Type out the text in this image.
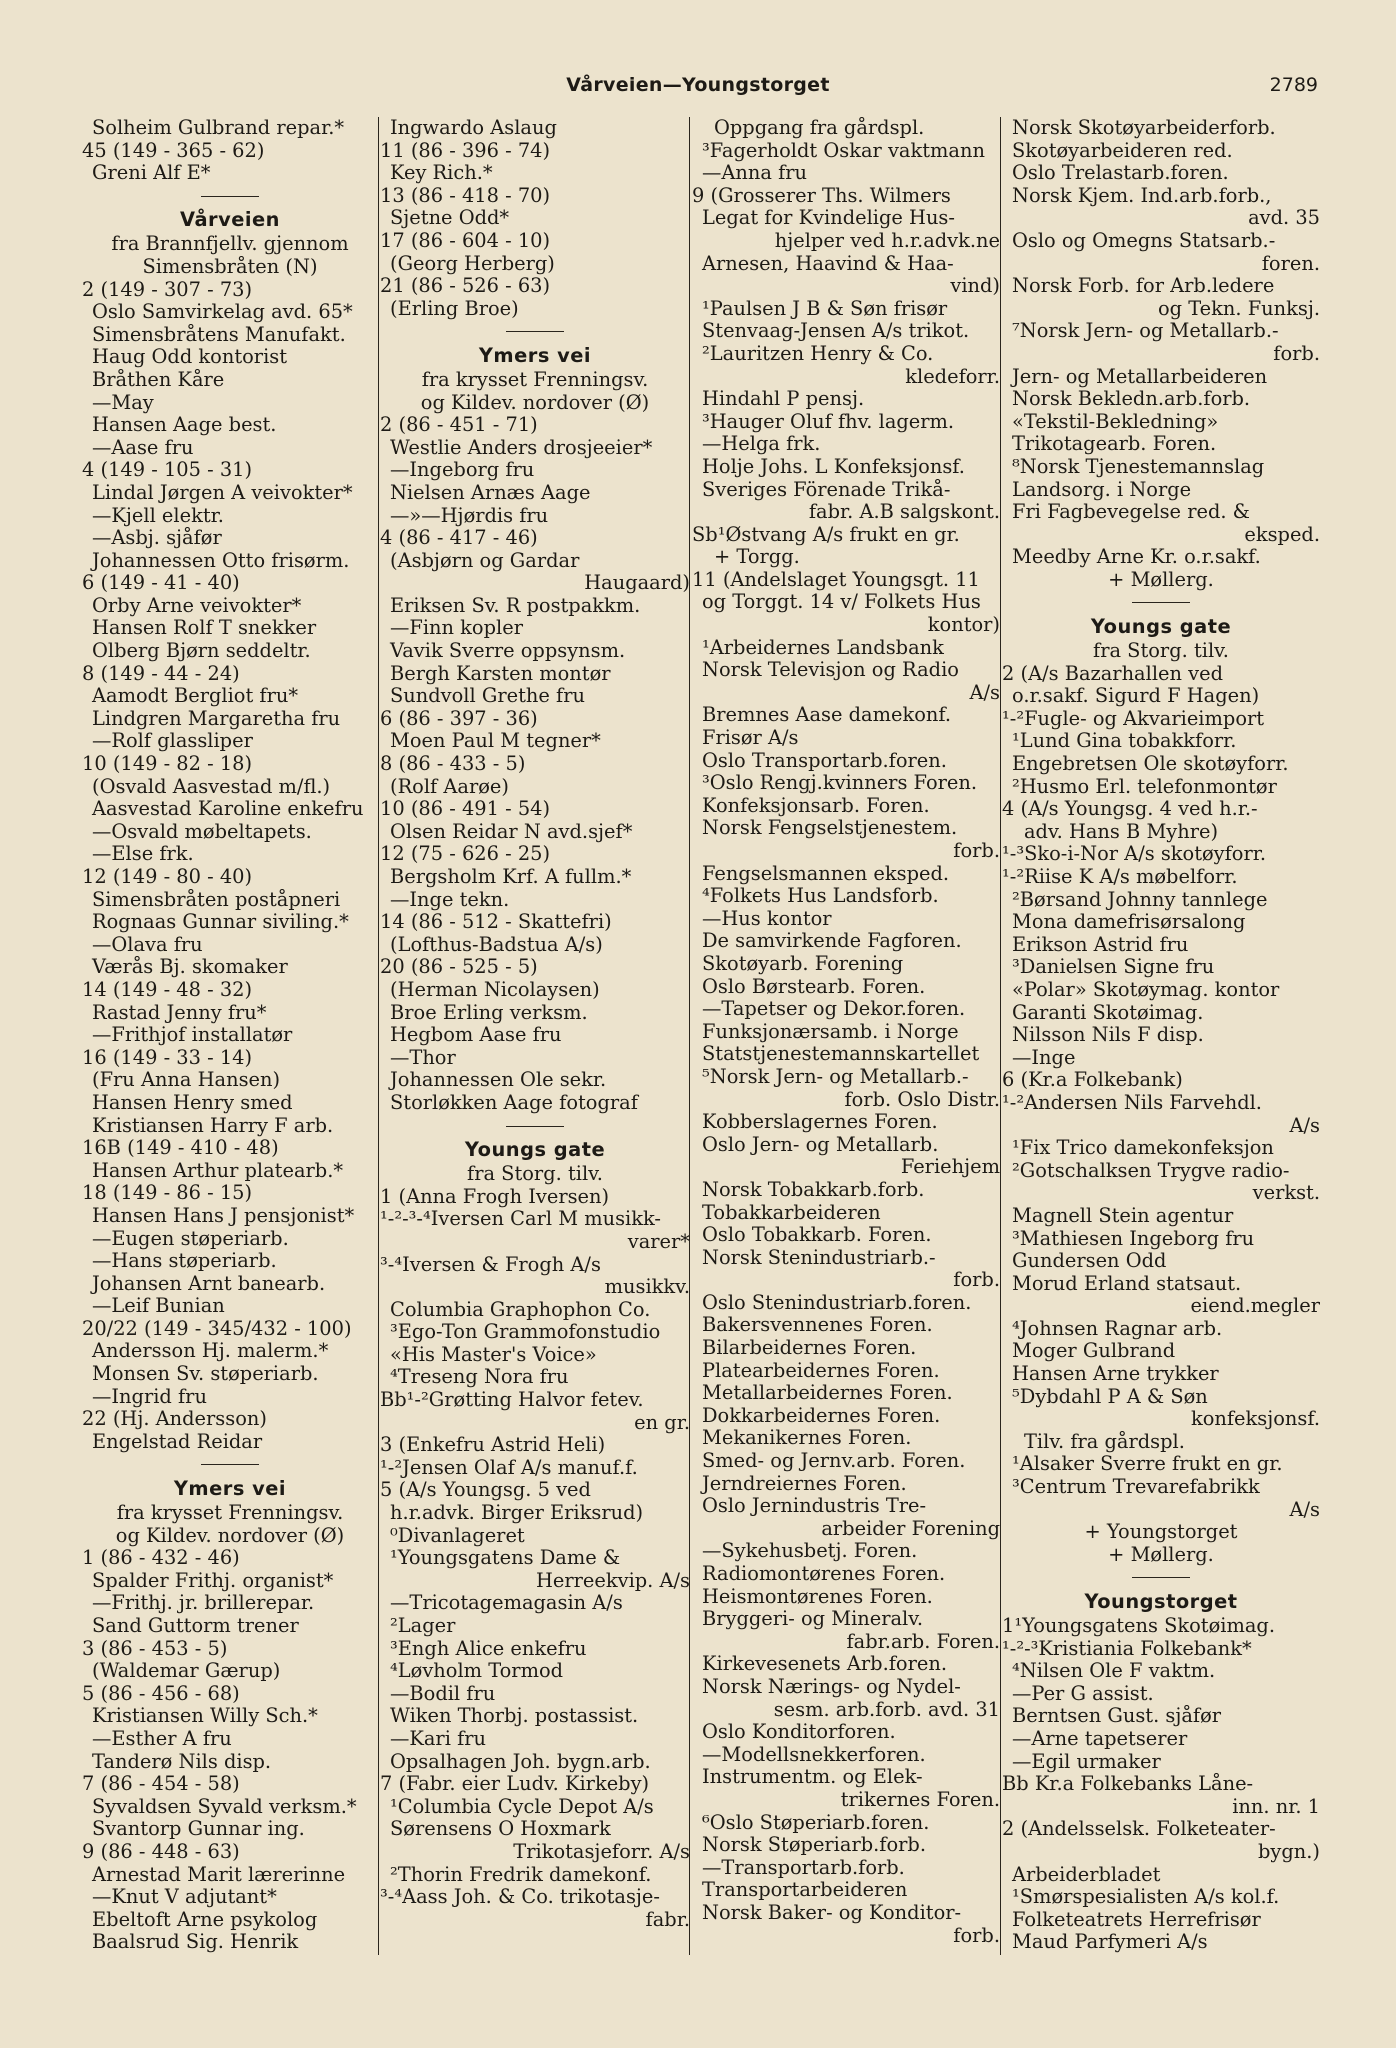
Vårveien—Youngstorget	2789
Solheim Gulbrand repar.*
45 (149 - 365 - 62)
Greni Alf E*
Vårveien
fra Brannfjellv. gjennom
Simensbråten (N)
2 (149 - 307 - 73)
Oslo Samvirkelag avd. 65*
Simensbråtens Manufakt.
Haug Odd kontorist
Bråthen Kåre
—May
Hansen Aage best.
—Aase fru
4 (149 - 105 - 31)
Lindal Jørgen A veivokter*
—Kjell elektr.
—Asbj. sjåfør
Johannessen Otto frisørm.
6 (149 - 41 - 40)
Orby Arne veivokter*
Hansen Rolf T snekker
Olberg Bjørn seddeltr.
8 (149 - 44 - 24)
Aamodt Bergliot fru*
Lindgren Margaretha fru
—Rolf glassliper
10 (149 - 82 - 18)
(Osvald Aasvestad m/fl.)
Aasvestad Karoline enkefru
—Osvald møbeltapets.
—Else frk.
12 (149 - 80 - 40)
Simensbråten poståpneri
Rognaas Gunnar siviling.*
—Olava fru
Værås Bj. skomaker
14 (149 - 48 - 32)
Rastad Jenny fru*
—Frithjof installatør
16 (149 - 33 - 14)
(Fru Anna Hansen)
Hansen Henry smed
Kristiansen Harry F arb.
16B (149 - 410 - 48)
Hansen Arthur platearb.*
18 (149 - 86 - 15)
Hansen Hans J pensjonist*
—Eugen støperiarb.
—Hans støperiarb.
Johansen Arnt banearb.
—Leif Bunian
20/22 (149 - 345/432 - 100)
Andersson Hj. malerm.*
Monsen Sv. støperiarb.
—Ingrid fru
22 (Hj. Andersson)
Engelstad Reidar
Ymers vei
fra krysset Frenningsv.
og Kildev. nordover (Ø)
1 (86 - 432 - 46)
Spalder Frithj. organist*
—Frithj. jr. brillerepar.
Sand Guttorm trener
3 (86 - 453 - 5)
(Waldemar Gærup)
5 (86 - 456 - 68)
Kristiansen Willy Sch.*
—Esther A fru
Tanderø Nils disp.
7 (86 - 454 - 58)
Syvaldsen Syvald verksm.*
Svantorp Gunnar ing.
9 (86 - 448 - 63)
Arnestad Marit lærerinne
—Knut V adjutant*
Ebeltoft Arne psykolog
Baalsrud Sig. Henrik
Ingwardo Aslaug
11 (86 - 396 - 74)
Key Rich.*
13 (86 - 418 - 70)
Sjetne Odd*
17 (86 - 604 - 10)
(Georg Herberg)
21 (86 - 526 - 63)
(Erling Broe)
Ymers vei
fra krysset Frenningsv.
og Kildev. nordover (Ø)
2 (86 - 451 - 71)
Westlie Anders drosjeeier*
—Ingeborg fru
Nielsen Arnæs Aage
—»—Hjørdis fru
4 (86 - 417 - 46)
(Asbjørn og Gardar
Haugaard)
Eriksen Sv. R postpakkm.
—Finn kopler
Vavik Sverre oppsynsm.
Bergh Karsten montør
Sundvoll Grethe fru
6 (86 - 397 - 36)
Moen Paul M tegner*
8 (86 - 433 - 5)
(Rolf Aarøe)
10 (86 - 491 - 54)
Olsen Reidar N avd.sjef*
12 (75 - 626 - 25)
Bergsholm Krf. A fullm.*
—Inge tekn.
14 (86 - 512 - Skattefri)
(Lofthus-Badstua A/s)
20 (86 - 525 - 5)
(Herman Nicolaysen)
Broe Erling verksm.
Hegbom Aase fru
—Thor
Johannessen Ole sekr.
Storløkken Aage fotograf
Youngs gate
fra Storg. tilv.
1 (Anna Frogh Iversen)
¹-²-³-⁴Iversen Carl M musikk-
varer*
³-⁴Iversen & Frogh A/s
musikkv.
Columbia Graphophon Co.
³Ego-Ton Grammofonstudio
«His Master's Voice»
⁴Treseng Nora fru
Bb¹-²Grøtting Halvor fetev.
en gr.
3 (Enkefru Astrid Heli)
¹-²Jensen Olaf A/s manuf.f.
5 (A/s Youngsg. 5 ved
h.r.advk. Birger Eriksrud)
⁰Divanlageret
¹Youngsgatens Dame &
Herreekvip. A/s
—Tricotagemagasin A/s
²Lager
³Engh Alice enkefru
⁴Løvholm Tormod
—Bodil fru
Wiken Thorbj. postassist.
—Kari fru
Opsalhagen Joh. bygn.arb.
7 (Fabr. eier Ludv. Kirkeby)
¹Columbia Cycle Depot A/s
Sørensens O Hoxmark
Trikotasjeforr. A/s
²Thorin Fredrik damekonf.
³-⁴Aass Joh. & Co. trikotasje-
fabr.
Oppgang fra gårdspl.
³Fagerholdt Oskar vaktmann
—Anna fru
9 (Grosserer Ths. Wilmers
Legat for Kvindelige Hus-
hjelper ved h.r.advk.ne
Arnesen, Haavind & Haa-
vind)
¹Paulsen J B & Søn frisør
Stenvaag-Jensen A/s trikot.
²Lauritzen Henry & Co.
kledeforr.
Hindahl P pensj.
³Hauger Oluf fhv. lagerm.
—Helga frk.
Holje Johs. L Konfeksjonsf.
Sveriges Förenade Trikå-
fabr. A.B salgskont.
Sb¹Østvang A/s frukt en gr.
+ Torgg.
11 (Andelslaget Youngsgt. 11
og Torggt. 14 v/ Folkets Hus
kontor)
¹Arbeidernes Landsbank
Norsk Televisjon og Radio
A/s
Bremnes Aase damekonf.
Frisør A/s
Oslo Transportarb.foren.
³Oslo Rengj.kvinners Foren.
Konfeksjonsarb. Foren.
Norsk Fengselstjenestem.
forb.
Fengselsmannen eksped.
⁴Folkets Hus Landsforb.
—Hus kontor
De samvirkende Fagforen.
Skotøyarb. Forening
Oslo Børstearb. Foren.
—Tapetser og Dekor.foren.
Funksjonærsamb. i Norge
Statstjenestemannskartellet
⁵Norsk Jern- og Metallarb.-
forb. Oslo Distr.
Kobberslagernes Foren.
Oslo Jern- og Metallarb.
Feriehjem
Norsk Tobakkarb.forb.
Tobakkarbeideren
Oslo Tobakkarb. Foren.
Norsk Stenindustriarb.-
forb.
Oslo Stenindustriarb.foren.
Bakersvennenes Foren.
Bilarbeidernes Foren.
Platearbeidernes Foren.
Metallarbeidernes Foren.
Dokkarbeidernes Foren.
Mekanikernes Foren.
Smed- og Jernv.arb. Foren.
Jerndreiernes Foren.
Oslo Jernindustris Tre-
arbeider Forening
—Sykehusbetj. Foren.
Radiomontørenes Foren.
Heismontørenes Foren.
Bryggeri- og Mineralv.
fabr.arb. Foren.
Kirkevesenets Arb.foren.
Norsk Nærings- og Nydel-
sesm. arb.forb. avd. 31
Oslo Konditorforen.
—Modellsnekkerforen.
Instrumentm. og Elek-
trikernes Foren.
⁶Oslo Støperiarb.foren.
Norsk Støperiarb.forb.
—Transportarb.forb.
Transportarbeideren
Norsk Baker- og Konditor-
forb.
Norsk Skotøyarbeiderforb.
Skotøyarbeideren red.
Oslo Trelastarb.foren.
Norsk Kjem. Ind.arb.forb.,
avd. 35
Oslo og Omegns Statsarb.-
foren.
Norsk Forb. for Arb.ledere
og Tekn. Funksj.
⁷Norsk Jern- og Metallarb.-
forb.
Jern- og Metallarbeideren
Norsk Bekledn.arb.forb.
«Tekstil-Bekledning»
Trikotagearb. Foren.
⁸Norsk Tjenestemannslag
Landsorg. i Norge
Fri Fagbevegelse red. &
eksped.
Meedby Arne Kr. o.r.sakf.
+ Møllerg.
Youngs gate
fra Storg. tilv.
2 (A/s Bazarhallen ved
o.r.sakf. Sigurd F Hagen)
¹-²Fugle- og Akvarieimport
¹Lund Gina tobakkforr.
Engebretsen Ole skotøyforr.
²Husmo Erl. telefonmontør
4 (A/s Youngsg. 4 ved h.r.-
adv. Hans B Myhre)
¹-³Sko-i-Nor A/s skotøyforr.
¹-²Riise K A/s møbelforr.
²Børsand Johnny tannlege
Mona damefrisørsalong
Erikson Astrid fru
³Danielsen Signe fru
«Polar» Skotøymag. kontor
Garanti Skotøimag.
Nilsson Nils F disp.
—Inge
6 (Kr.a Folkebank)
¹-²Andersen Nils Farvehdl.
A/s
¹Fix Trico damekonfeksjon
²Gotschalksen Trygve radio-
verkst.
Magnell Stein agentur
³Mathiesen Ingeborg fru
Gundersen Odd
Morud Erland statsaut.
eiend.megler
⁴Johnsen Ragnar arb.
Moger Gulbrand
Hansen Arne trykker
⁵Dybdahl P A & Søn
konfeksjonsf.
Tilv. fra gårdspl.
¹Alsaker Sverre frukt en gr.
³Centrum Trevarefabrikk
A/s
+ Youngstorget
+ Møllerg.
Youngstorget
1¹Youngsgatens Skotøimag.
¹-²-³Kristiania Folkebank*
⁴Nilsen Ole F vaktm.
—Per G assist.
Berntsen Gust. sjåfør
—Arne tapetserer
—Egil urmaker
Bb Kr.a Folkebanks Låne-
inn. nr. 1
2 (Andelsselsk. Folketeater-
bygn.)
Arbeiderbladet
¹Smørspesialisten A/s kol.f.
Folketeatrets Herrefrisør
Maud Parfymeri A/s
